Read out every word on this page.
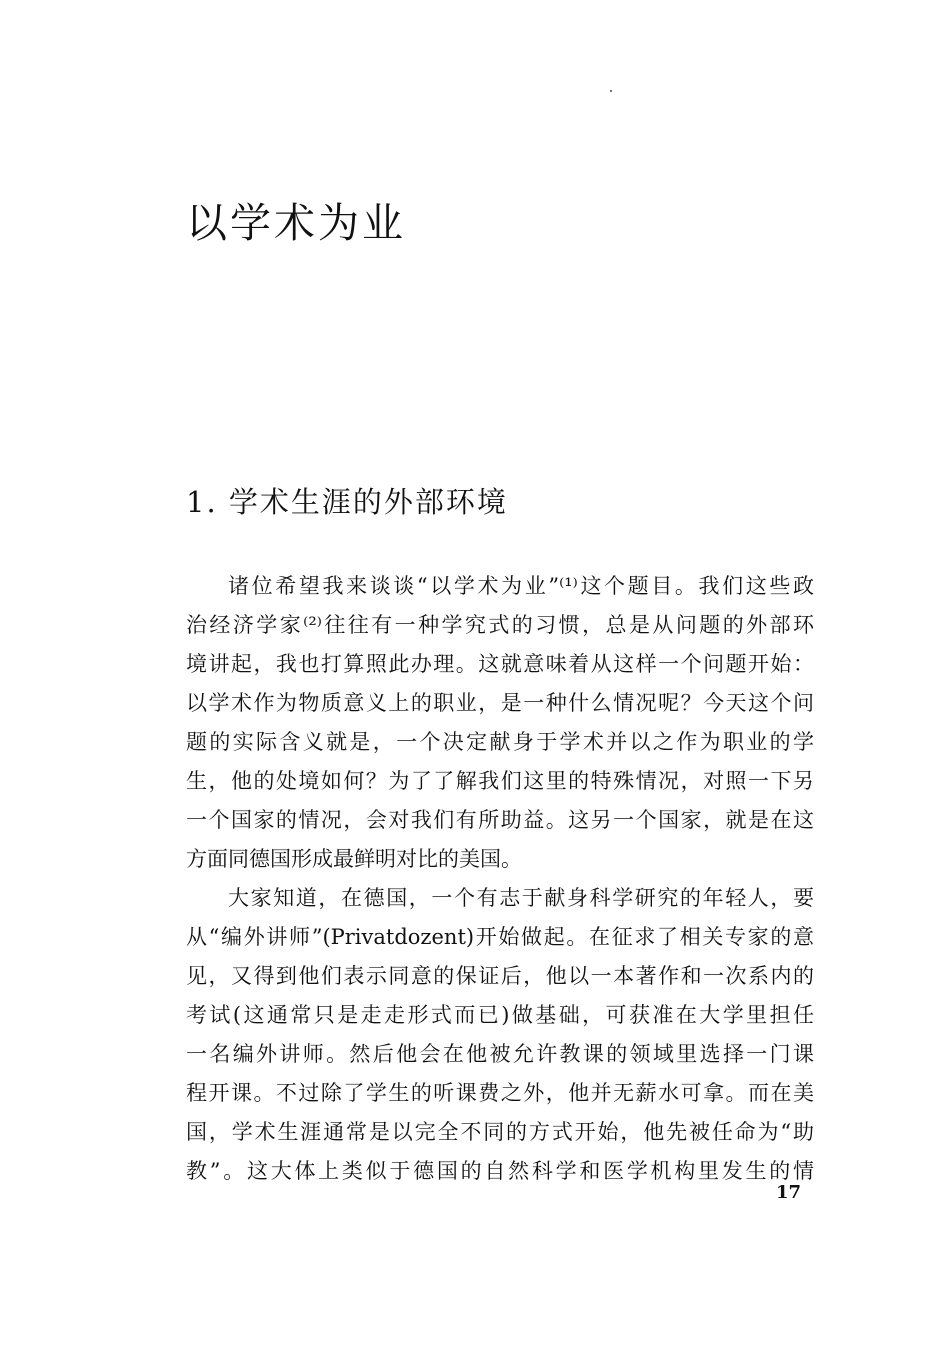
以学术为业
1. 学术生涯的外部环境

诸位希望我来谈谈“以学术为业”⁽¹⁾这个题目。我们这些政

治经济学家⁽²⁾往往有一种学究式的习惯，总是从问题的外部环

境讲起，我也打算照此办理。这就意味着从这样一个问题开始：

以学术作为物质意义上的职业，是一种什么情况呢？今天这个问

题的实际含义就是，一个决定献身于学术并以之作为职业的学

生，他的处境如何？为了了解我们这里的特殊情况，对照一下另

一个国家的情况，会对我们有所助益。这另一个国家，就是在这

方面同德国形成最鲜明对比的美国。

大家知道，在德国，一个有志于献身科学研究的年轻人，要

从“编外讲师”(Privatdozent)开始做起。在征求了相关专家的意

见，又得到他们表示同意的保证后，他以一本著作和一次系内的

考试(这通常只是走走形式而已)做基础，可获准在大学里担任

一名编外讲师。然后他会在他被允许教课的领域里选择一门课

程开课。不过除了学生的听课费之外，他并无薪水可拿。而在美

国，学术生涯通常是以完全不同的方式开始，他先被任命为“助

教”。这大体上类似于德国的自然科学和医学机构里发生的情

17
